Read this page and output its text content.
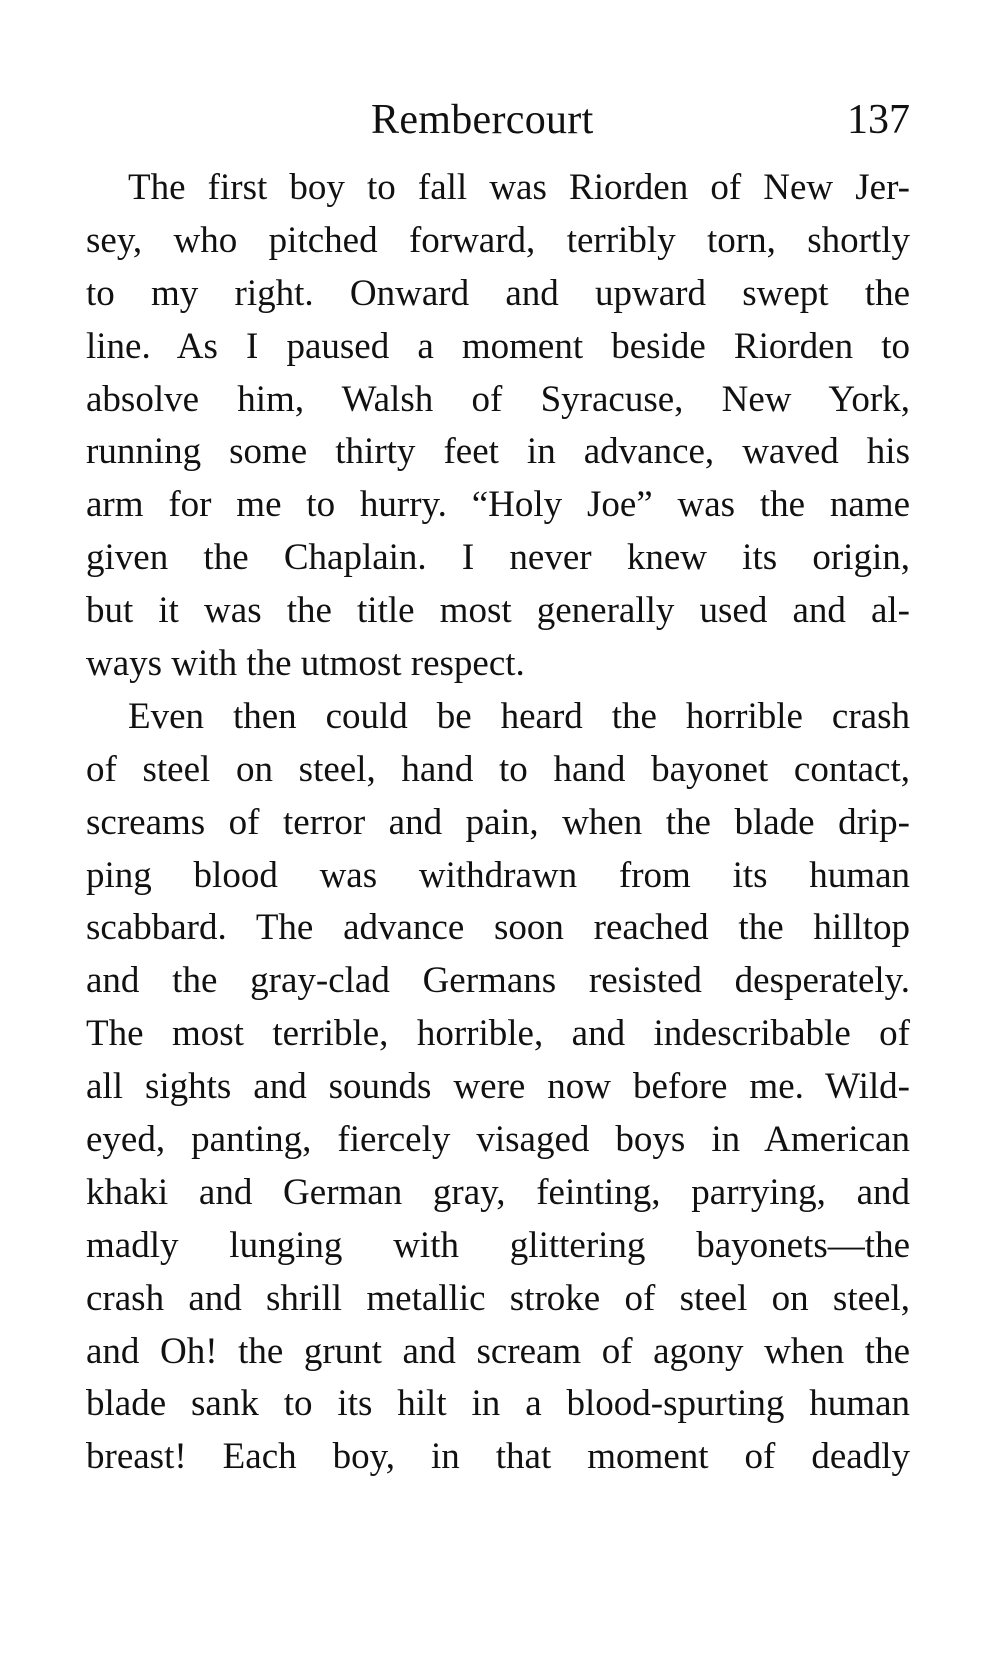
Rembercourt	137
The first boy to fall was Riorden of New Jer-
sey, who pitched forward, terribly torn, shortly
to my right. Onward and upward swept the
line. As I paused a moment beside Riorden to
absolve him, Walsh of Syracuse, New York,
running some thirty feet in advance, waved his
arm for me to hurry. “Holy Joe” was the name
given the Chaplain. I never knew its origin,
but it was the title most generally used and al-
ways with the utmost respect.
Even then could be heard the horrible crash
of steel on steel, hand to hand bayonet contact,
screams of terror and pain, when the blade drip-
ping blood was withdrawn from its human
scabbard. The advance soon reached the hilltop
and the gray-clad Germans resisted desperately.
The most terrible, horrible, and indescribable of
all sights and sounds were now before me. Wild-
eyed, panting, fiercely visaged boys in American
khaki and German gray, feinting, parrying, and
madly lunging with glittering bayonets—the
crash and shrill metallic stroke of steel on steel,
and Oh! the grunt and scream of agony when the
blade sank to its hilt in a blood-spurting human
breast! Each boy, in that moment of deadly
